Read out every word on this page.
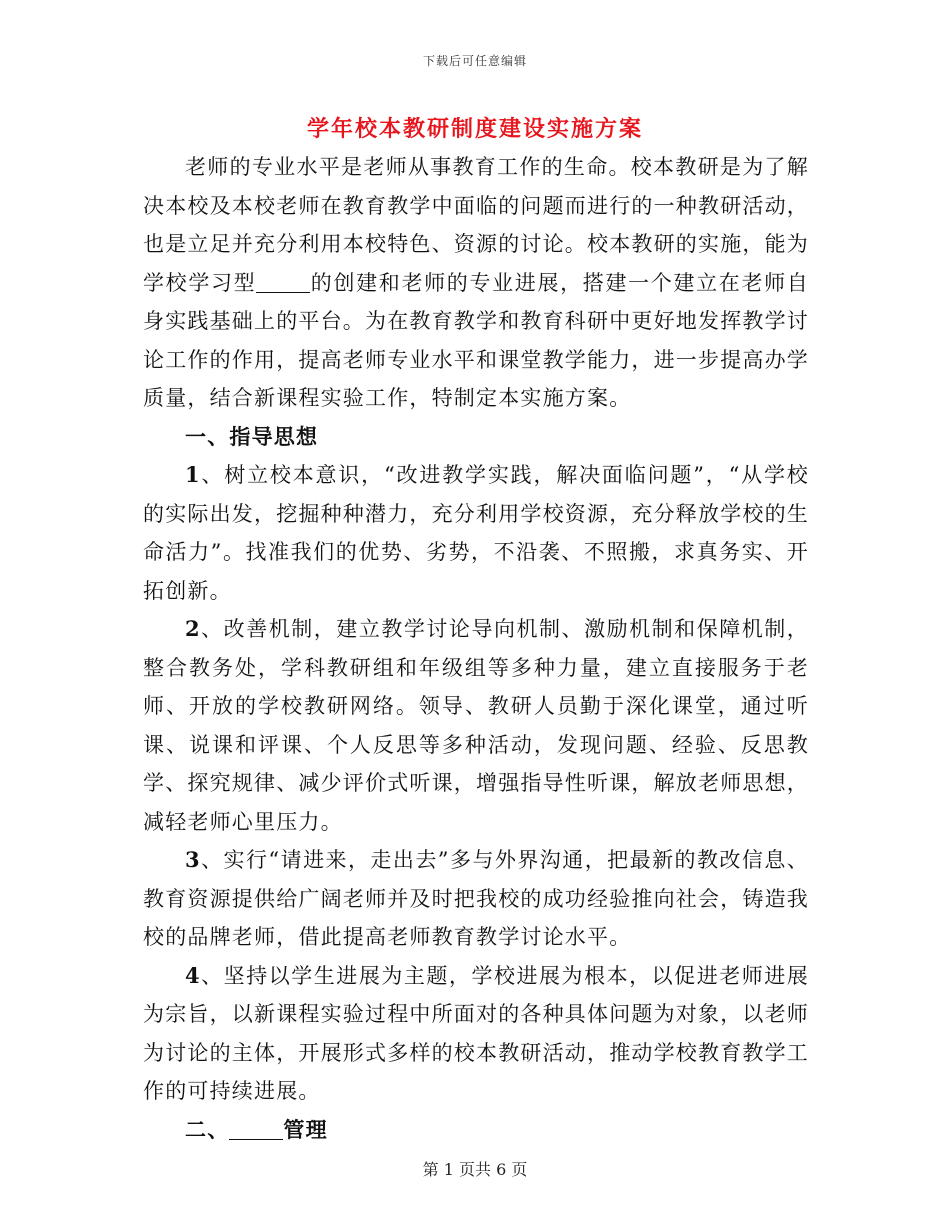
下载后可任意编辑
学年校本教研制度建设实施方案

老师的专业水平是老师从事教育工作的生命。校本教研是为了解决本校及本校老师在教育教学中面临的问题而进行的一种教研活动，也是立足并充分利用本校特色、资源的讨论。校本教研的实施，能为学校学习型	的创建和老师的专业进展，搭建一个建立在老师自身实践基础上的平台。为在教育教学和教育科研中更好地发挥教学讨论工作的作用，提高老师专业水平和课堂教学能力，进一步提高办学质量，结合新课程实验工作，特制定本实施方案。

一、指导思想

1、树立校本意识，“改进教学实践，解决面临问题”，“从学校的实际出发，挖掘种种潜力，充分利用学校资源，充分释放学校的生命活力”。找准我们的优势、劣势，不沿袭、不照搬，求真务实、开拓创新。

2、改善机制，建立教学讨论导向机制、激励机制和保障机制，整合教务处，学科教研组和年级组等多种力量，建立直接服务于老师、开放的学校教研网络。领导、教研人员勤于深化课堂，通过听课、说课和评课、个人反思等多种活动，发现问题、经验、反思教学、探究规律、减少评价式听课，增强指导性听课，解放老师思想，减轻老师心里压力。

3、实行“请进来，走出去”多与外界沟通，把最新的教改信息、教育资源提供给广阔老师并及时把我校的成功经验推向社会，铸造我校的品牌老师，借此提高老师教育教学讨论水平。

4、坚持以学生进展为主题，学校进展为根本，以促进老师进展为宗旨，以新课程实验过程中所面对的各种具体问题为对象，以老师为讨论的主体，开展形式多样的校本教研活动，推动学校教育教学工作的可持续进展。

二、	管理

第 1 页共 6 页
